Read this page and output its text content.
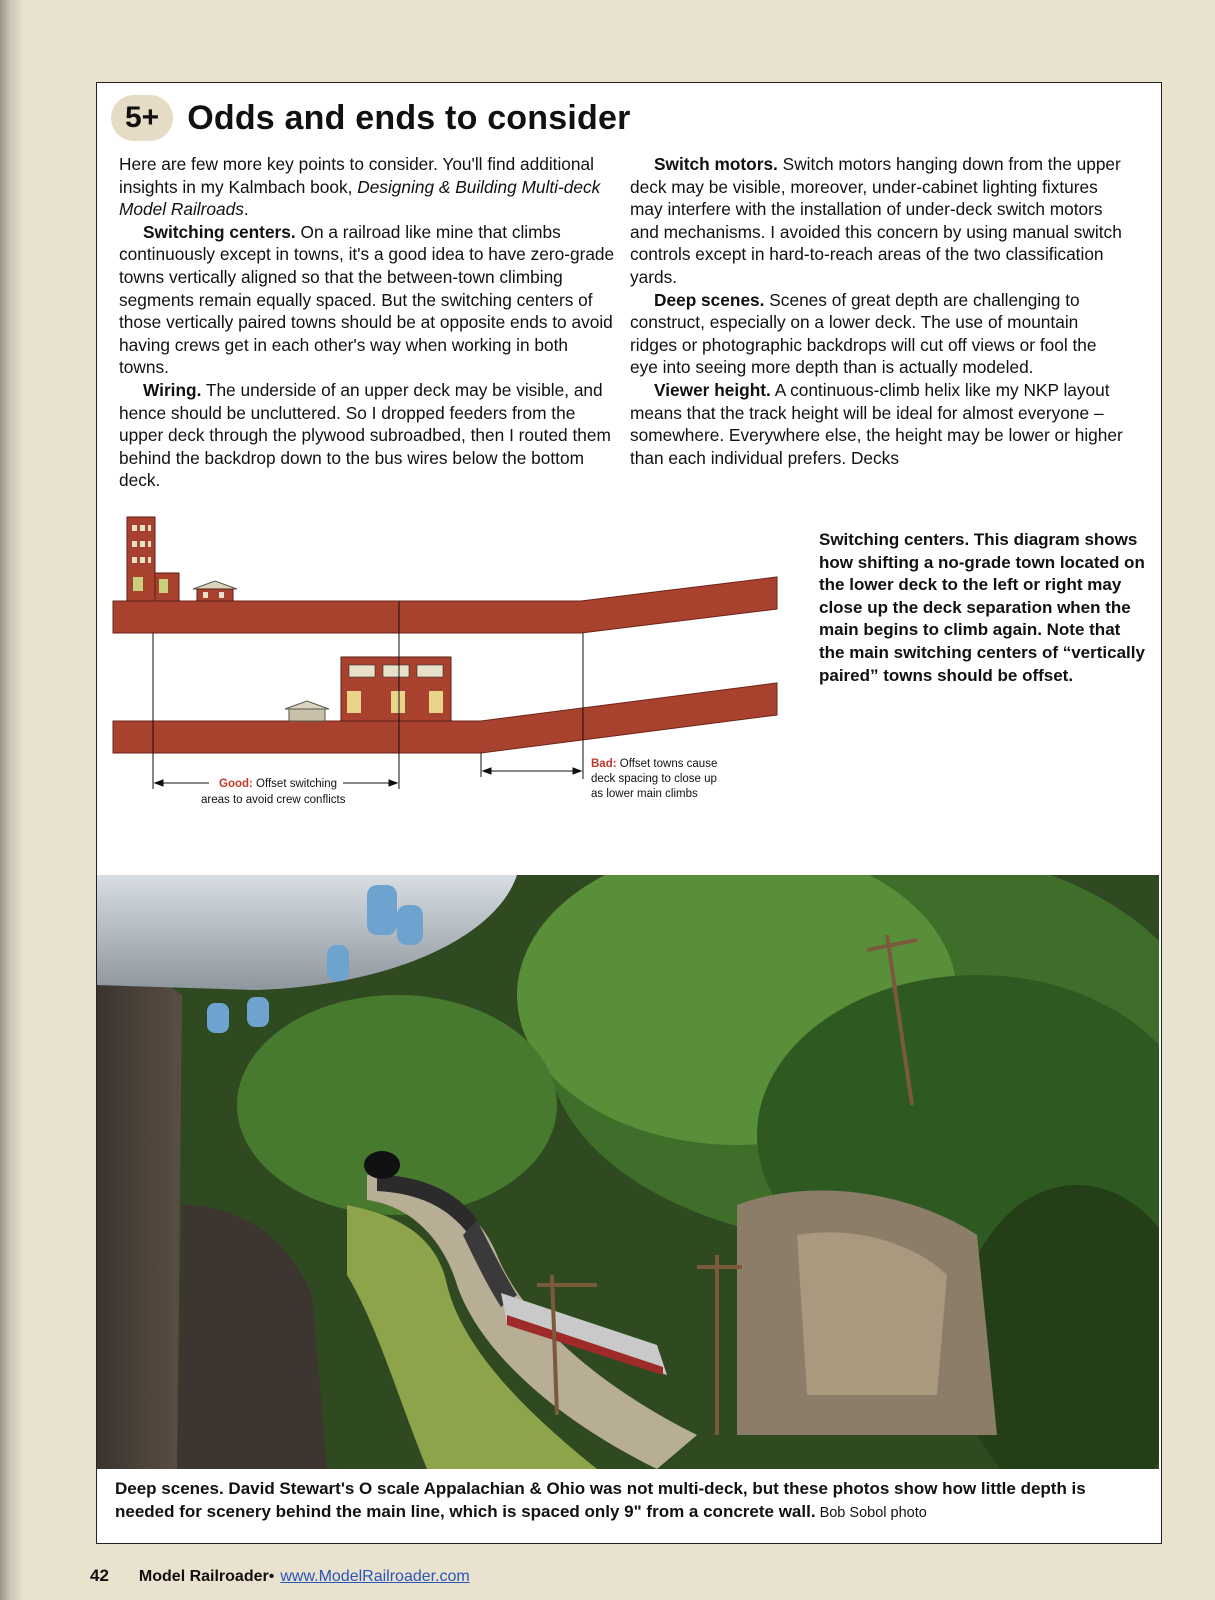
5+ Odds and ends to consider

Here are few more key points to consider. You'll find additional insights in my Kalmbach book, Designing & Building Multi-deck Model Railroads.

Switching centers. On a railroad like mine that climbs continuously except in towns, it's a good idea to have zero-grade towns vertically aligned so that the between-town climbing segments remain equally spaced. But the switching centers of those vertically paired towns should be at opposite ends to avoid having crews get in each other's way when working in both towns.

Wiring. The underside of an upper deck may be visible, and hence should be uncluttered. So I dropped feeders from the upper deck through the plywood subroadbed, then I routed them behind the backdrop down to the bus wires below the bottom deck.

Switch motors. Switch motors hanging down from the upper deck may be visible, moreover, under-cabinet lighting fixtures may interfere with the installation of under-deck switch motors and mechanisms. I avoided this concern by using manual switch controls except in hard-to-reach areas of the two classification yards.

Deep scenes. Scenes of great depth are challenging to construct, especially on a lower deck. The use of mountain ridges or photographic backdrops will cut off views or fool the eye into seeing more depth than is actually modeled.

Viewer height. A continuous-climb helix like my NKP layout means that the track height will be ideal for almost everyone – somewhere. Everywhere else, the height may be lower or higher than each individual prefers. Decks

Good: Offset switching
areas to avoid crew conflicts
Bad: Offset towns cause
deck spacing to close up
as lower main climbs
Switching centers. This diagram shows how shifting a no-grade town located on the lower deck to the left or right may close up the deck separation when the main begins to climb again. Note that the main switching centers of “vertically paired” towns should be offset.
Deep scenes. David Stewart's O scale Appalachian & Ohio was not multi-deck, but these photos show how little depth is needed for scenery behind the main line, which is spaced only 9" from a concrete wall. Bob Sobol photo
42 Model Railroader • www.ModelRailroader.com
